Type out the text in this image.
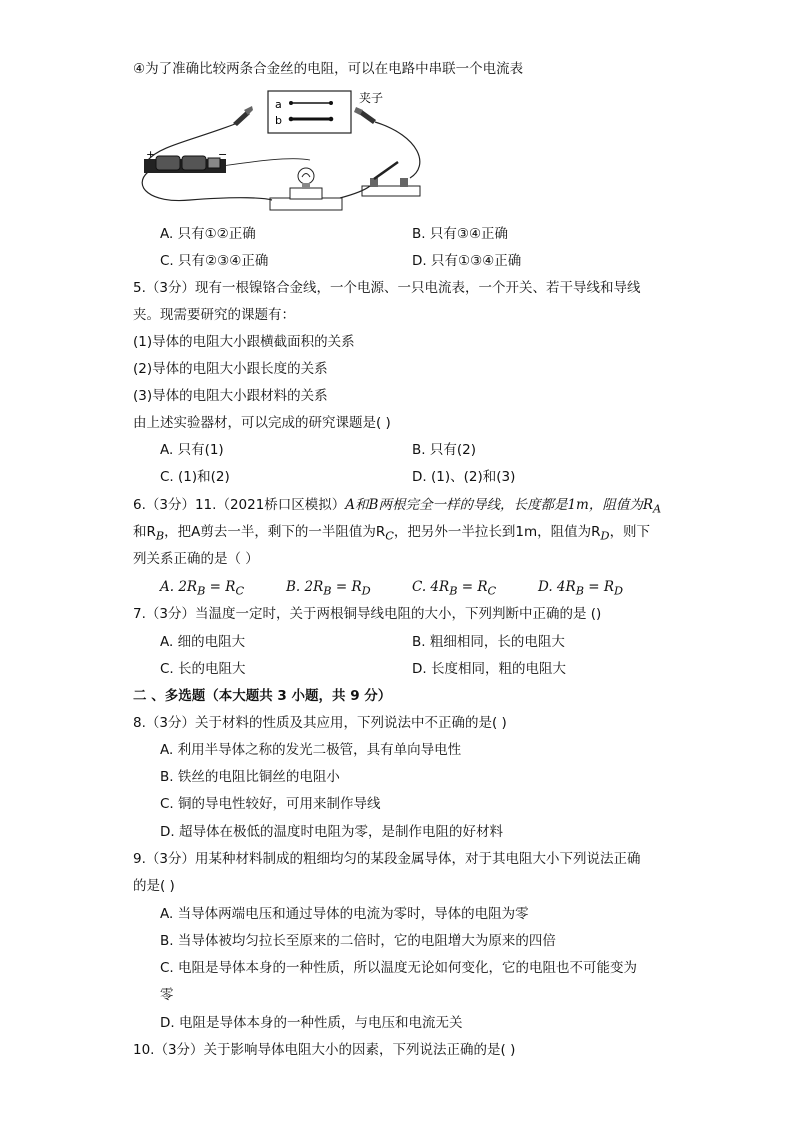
④为了准确比较两条合金丝的电阻，可以在电路中串联一个电流表
a
b
夹子
+	−
A. 只有①②正确	B. 只有③④正确
C. 只有②③④正确	D. 只有①③④正确
5.（3分）现有一根镍铬合金线，一个电源、一只电流表，一个开关、若干导线和导线
夹。现需要研究的课题有：
(1)导体的电阻大小跟横截面积的关系
(2)导体的电阻大小跟长度的关系
(3)导体的电阻大小跟材料的关系
由上述实验器材，可以完成的研究课题是( )
A. 只有(1)	B. 只有(2)
C. (1)和(2)	D. (1)、(2)和(3)
6.（3分）11.（2021桥口区模拟）A和B两根完全一样的导线，长度都是1m，阻值为$R_A$
和$R_B$，把A剪去一半，剩下的一半阻值为$R_C$，把另外一半拉长到1m，阻值为$R_D$，则下
列关系正确的是（ ）
A. $2R_B = R_C$	B. $2R_B = R_D$	C. $4R_B = R_C$	D. $4R_B = R_D$
7.（3分）当温度一定时，关于两根铜导线电阻的大小，下列判断中正确的是 ()
A. 细的电阻大	B. 粗细相同，长的电阻大
C. 长的电阻大	D. 长度相同，粗的电阻大
二 、多选题（本大题共 3 小题，共 9 分）
8.（3分）关于材料的性质及其应用，下列说法中不正确的是( )
A. 利用半导体之称的发光二极管，具有单向导电性
B. 铁丝的电阻比铜丝的电阻小
C. 铜的导电性较好，可用来制作导线
D. 超导体在极低的温度时电阻为零，是制作电阻的好材料
9.（3分）用某种材料制成的粗细均匀的某段金属导体，对于其电阻大小下列说法正确
的是( )
A. 当导体两端电压和通过导体的电流为零时，导体的电阻为零
B. 当导体被均匀拉长至原来的二倍时，它的电阻增大为原来的四倍
C. 电阻是导体本身的一种性质，所以温度无论如何变化，它的电阻也不可能变为
零
D. 电阻是导体本身的一种性质，与电压和电流无关
10.（3分）关于影响导体电阻大小的因素，下列说法正确的是( )
